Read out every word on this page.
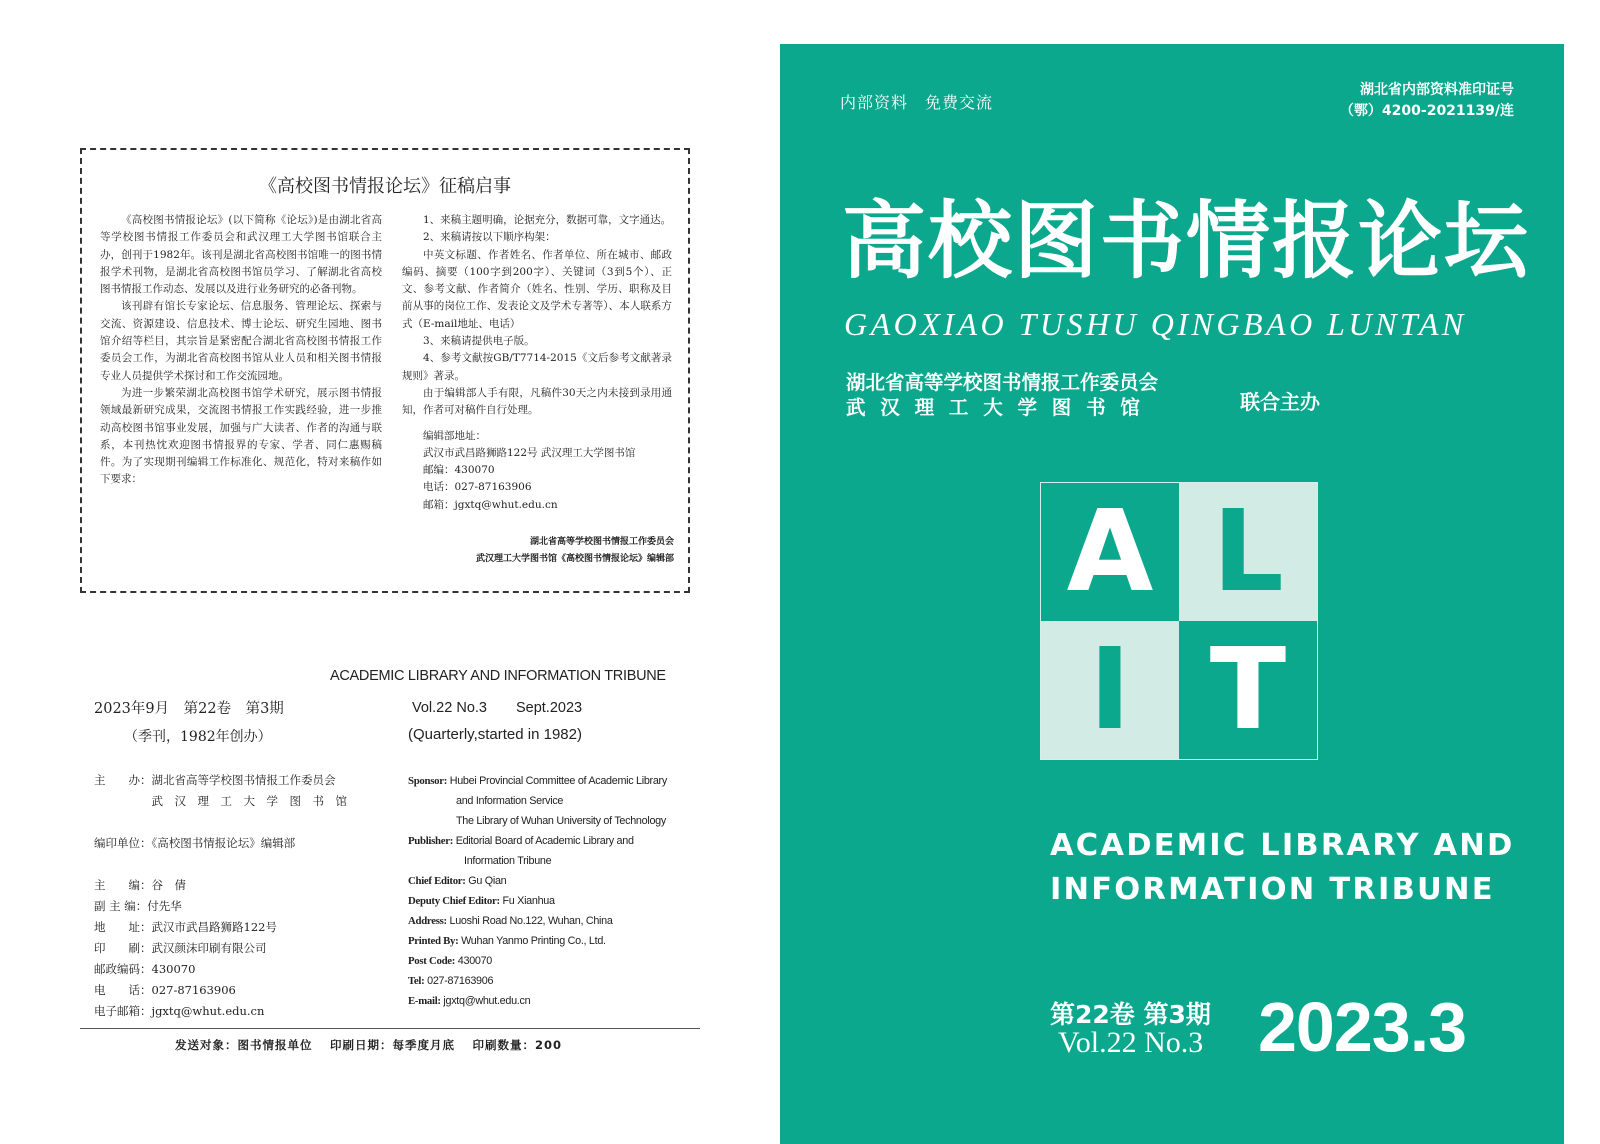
《高校图书情报论坛》征稿启事

《高校图书情报论坛》(以下简称《论坛》)是由湖北省高等学校图书情报工作委员会和武汉理工大学图书馆联合主办，创刊于1982年。该刊是湖北省高校图书馆唯一的图书情报学术刊物，是湖北省高校图书馆员学习、了解湖北省高校图书情报工作动态、发展以及进行业务研究的必备刊物。

该刊辟有馆长专家论坛、信息服务、管理论坛、探索与交流、资源建设、信息技术、博士论坛、研究生园地、图书馆介绍等栏目，其宗旨是紧密配合湖北省高校图书情报工作委员会工作，为湖北省高校图书馆从业人员和相关图书情报专业人员提供学术探讨和工作交流园地。

为进一步繁荣湖北高校图书馆学术研究，展示图书情报领域最新研究成果，交流图书情报工作实践经验，进一步推动高校图书馆事业发展，加强与广大读者、作者的沟通与联系，本刊热忱欢迎图书情报界的专家、学者、同仁惠赐稿件。为了实现期刊编辑工作标准化、规范化，特对来稿作如下要求：

1、来稿主题明确，论据充分，数据可靠，文字通达。
2、来稿请按以下顺序构架：
中英文标题、作者姓名、作者单位、所在城市、邮政编码、摘要（100字到200字）、关键词（3到5个）、正文、参考文献、作者简介（姓名、性别、学历、职称及目前从事的岗位工作、发表论文及学术专著等）、本人联系方式（E-mail地址、电话）
3、来稿请提供电子版。
4、参考文献按GB/T7714-2015《文后参考文献著录规则》著录。
由于编辑部人手有限，凡稿件30天之内未接到录用通知，作者可对稿件自行处理。
编辑部地址：
武汉市武昌路狮路122号 武汉理工大学图书馆
邮编：430070
电话：027-87163906
邮箱：jgxtq@whut.edu.cn
湖北省高等学校图书情报工作委员会
武汉理工大学图书馆《高校图书情报论坛》编辑部
ACADEMIC LIBRARY AND INFORMATION TRIBUNE
2023年9月　第22卷　第3期
（季刊，1982年创办）
Vol.22 No.3　　Sept.2023
(Quarterly,started in 1982)
主　　办：湖北省高等学校图书情报工作委员会
　　　　　武　汉　理　工　大　学　图　书　馆

编印单位：《高校图书情报论坛》编辑部

主　　编：谷　倩
副 主 编：付先华
地　　址：武汉市武昌路狮路122号
印　　刷：武汉颜沫印刷有限公司
邮政编码：430070
电　　话：027-87163906
电子邮箱：jgxtq@whut.edu.cn
Sponsor: Hubei Provincial Committee of Academic Library
and Information Service
The Library of Wuhan University of Technology
Publisher: Editorial Board of Academic Library and
Information Tribune
Chief Editor: Gu Qian
Deputy Chief Editor: Fu Xianhua
Address: Luoshi Road No.122, Wuhan, China
Printed By: Wuhan Yanmo Printing Co., Ltd.
Post Code: 430070
Tel: 027-87163906
E-mail: jgxtq@whut.edu.cn
发送对象：图书情报单位　 印刷日期：每季度月底　 印刷数量：200
内部资料　免费交流
湖北省内部资料准印证号
（鄂）4200-2021139/连
高校图书情报论坛
GAOXIAO TUSHU QINGBAO LUNTAN
湖北省高等学校图书情报工作委员会
武汉理工大学图书馆	联合主办
A L
I T
ACADEMIC LIBRARY AND
INFORMATION TRIBUNE
第22卷 第3期
Vol.22 No.3 2023.3
